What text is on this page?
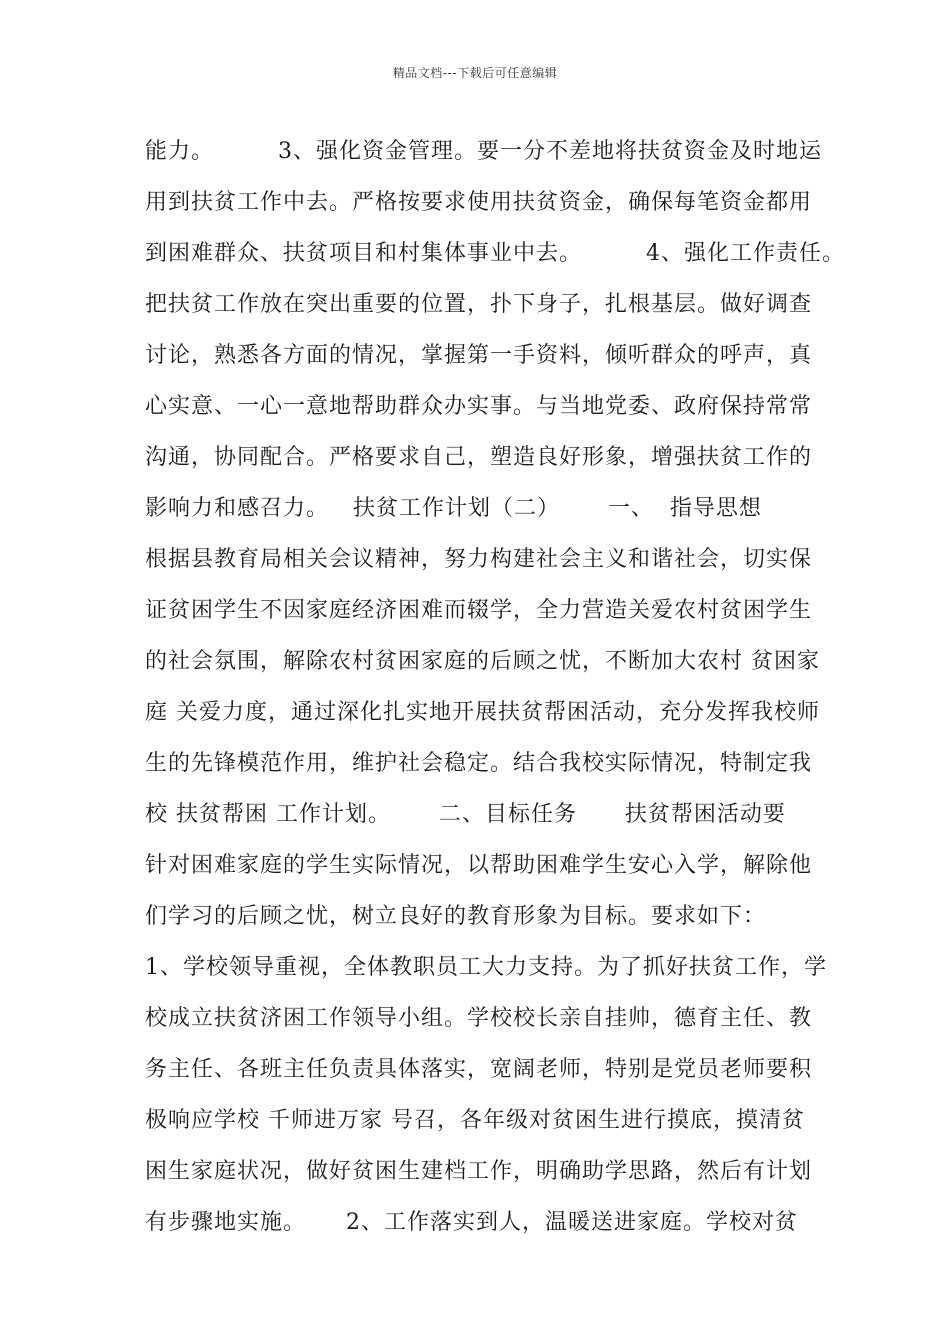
精品文档---下载后可任意编辑
能力。        3、强化资金管理。要一分不差地将扶贫资金及时地运
用到扶贫工作中去。严格按要求使用扶贫资金，确保每笔资金都用
到困难群众、扶贫项目和村集体事业中去。        4、强化工作责任。
把扶贫工作放在突出重要的位置，扑下身子，扎根基层。做好调查
讨论，熟悉各方面的情况，掌握第一手资料，倾听群众的呼声，真
心实意、一心一意地帮助群众办实事。与当地党委、政府保持常常
沟通，协同配合。严格要求自己，塑造良好形象，增强扶贫工作的
影响力和感召力。   扶贫工作计划（二）      一、  指导思想
根据县教育局相关会议精神，努力构建社会主义和谐社会，切实保
证贫困学生不因家庭经济困难而辍学，全力营造关爱农村贫困学生
的社会氛围，解除农村贫困家庭的后顾之忧，不断加大农村 贫困家
庭 关爱力度，通过深化扎实地开展扶贫帮困活动，充分发挥我校师
生的先锋模范作用，维护社会稳定。结合我校实际情况，特制定我
校 扶贫帮困 工作计划。      二、目标任务      扶贫帮困活动要
针对困难家庭的学生实际情况，以帮助困难学生安心入学，解除他
们学习的后顾之忧，树立良好的教育形象为目标。要求如下：
1、学校领导重视，全体教职员工大力支持。为了抓好扶贫工作，学
校成立扶贫济困工作领导小组。学校校长亲自挂帅，德育主任、教
务主任、各班主任负责具体落实，宽阔老师，特别是党员老师要积
极响应学校 千师进万家 号召，各年级对贫困生进行摸底，摸清贫
困生家庭状况，做好贫困生建档工作，明确助学思路，然后有计划
有步骤地实施。     2、工作落实到人，温暖送进家庭。学校对贫
